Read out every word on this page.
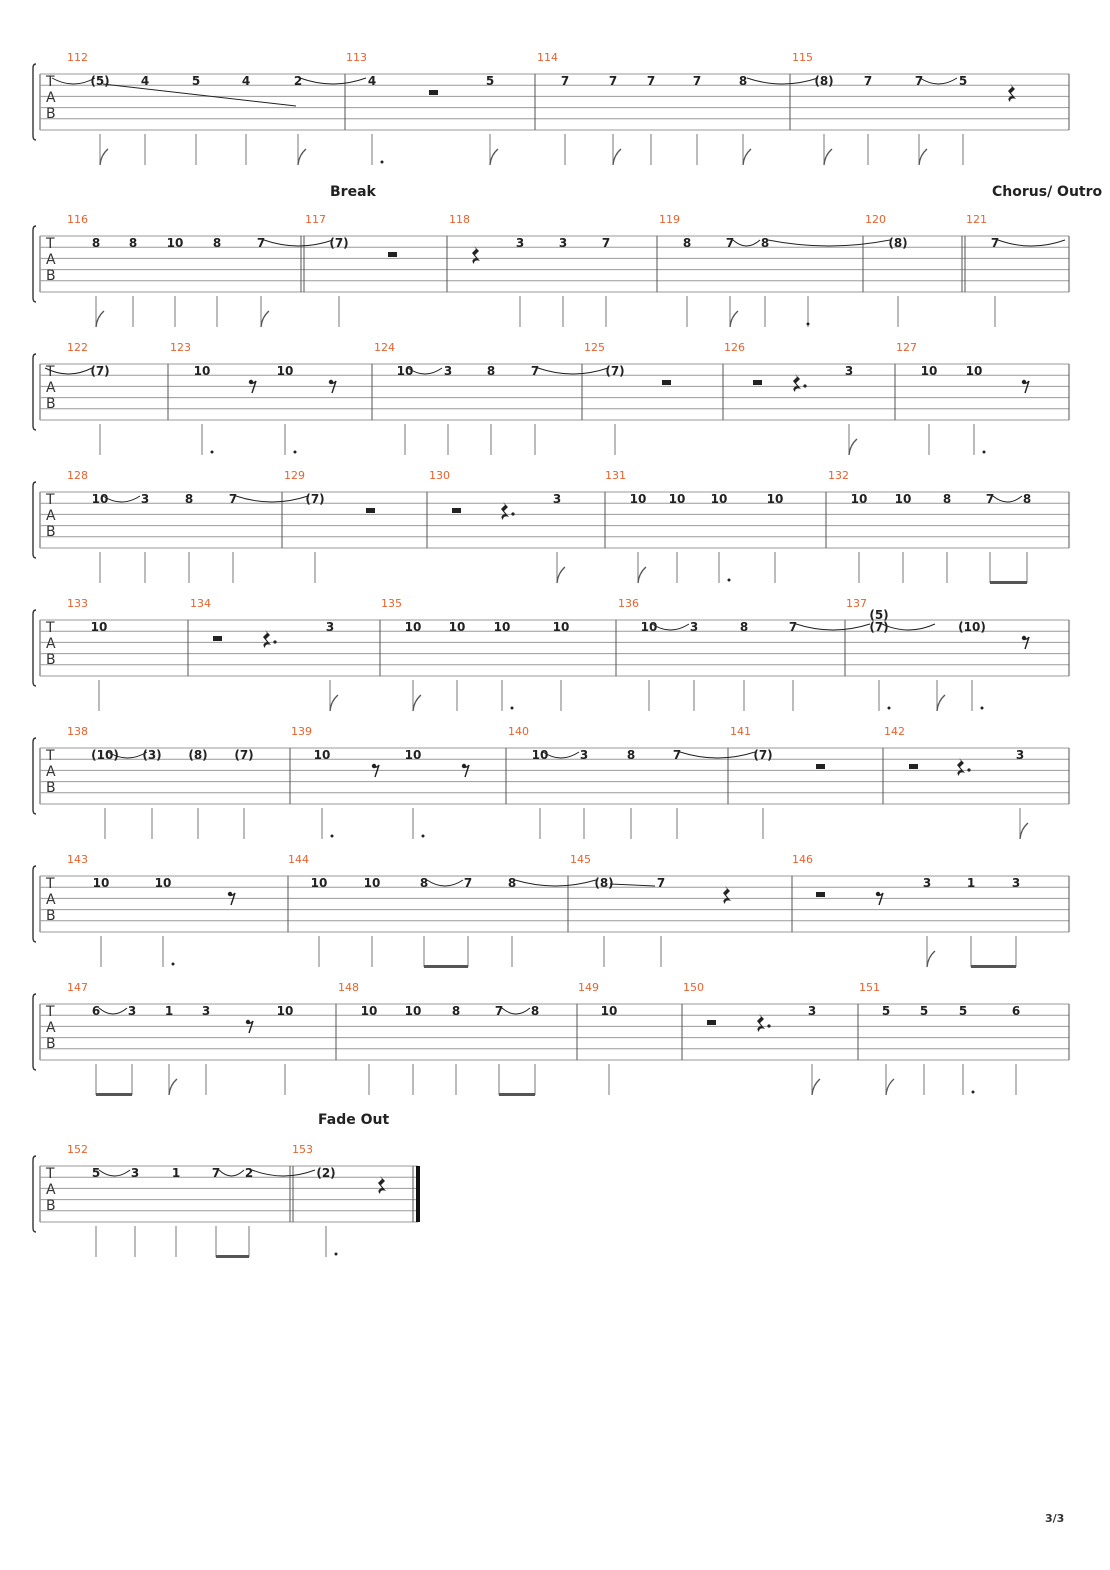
Break	Chorus/ Outro
Fade Out
3/3
T
A
B
112	113	114	115
(5)	4	5	4	2	4	5	7	7 7	7	8	(8)	7	7	5
T
A
B
116	117	118	119	120	121
8 8 10 8	7	(7)	3	3	7	8	7 8	(8)	7
T
A
B
122	123	124	125	126	127
(7)	10	10	10	3	8	7	(7)	3	10 10
T
A
B
128	129	130	131	132
10	3	8	7	(7)	3	10 10 10	10	10 10	8	7 8
T
A
B
133	134	135	136	137
10	3	10 10 10	10	10	3	8	7
(5)
(7)	(10)
T
A
B
138	139	140	141	142
(10) (3) (8) (7)	10	10	10	3	8	7	(7)	3
T
A
B
143	144	145	146
10	10	10	10	8	7	8	(8)	7	3	1	3
T
A
B
147	148	149	150	151
6 3 1 3	10	10 10	8	7 8	10	3	5 5	5	6
T
A
B
152	153
5	3	1	7 2	(2)
